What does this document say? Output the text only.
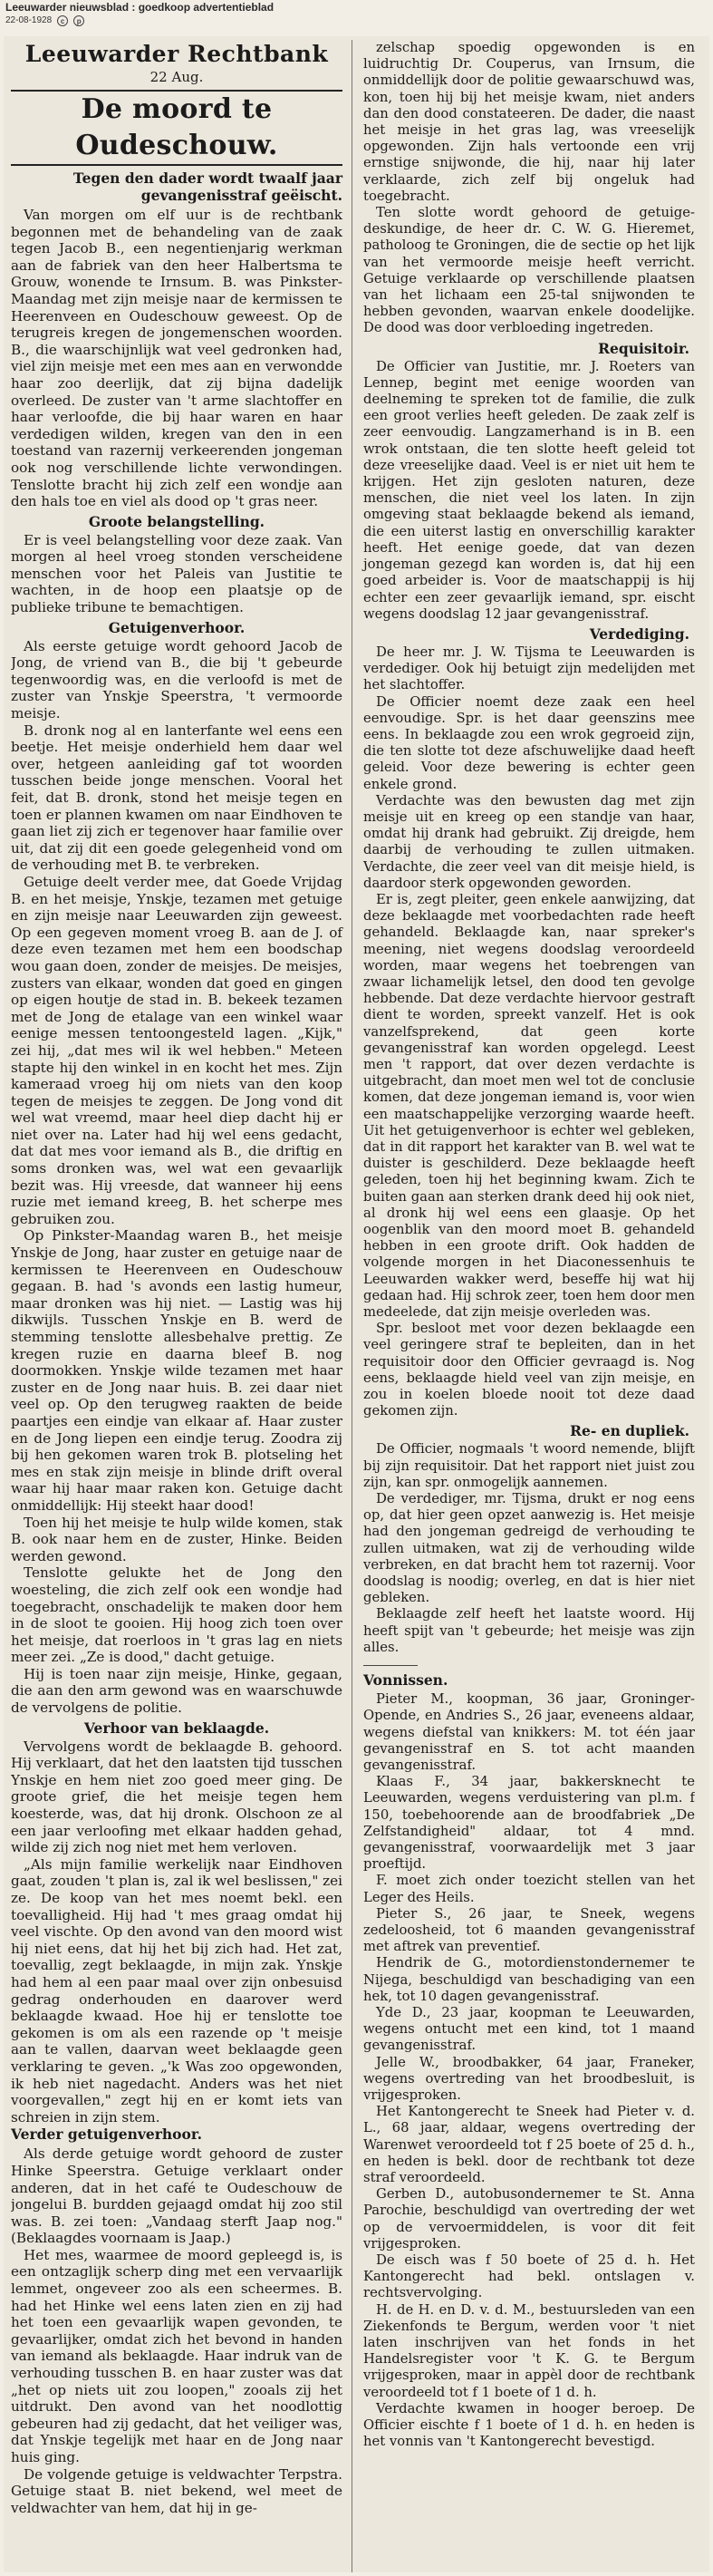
Leeuwarder nieuwsblad : goedkoop advertentieblad
22-08-1928	c	p
Leeuwarder Rechtbank
22 Aug.
De moord te Oudeschouw.
Tegen den dader wordt twaalf jaar gevangenisstraf geëischt.

Van morgen om elf uur is de rechtbank begonnen met de behandeling van de zaak tegen Jacob B., een negentienjarig werkman aan de fabriek van den heer Halbertsma te Grouw, wonende te Irnsum. B. was Pinkster-Maandag met zijn meisje naar de kermissen te Heerenveen en Oudeschouw geweest. Op de terugreis kregen de jongemenschen woorden. B., die waarschijnlijk wat veel gedronken had, viel zijn meisje met een mes aan en verwondde haar zoo deerlijk, dat zij bijna dadelijk overleed. De zuster van 't arme slachtoffer en haar verloofde, die bij haar waren en haar verdedigen wilden, kregen van den in een toestand van razernij verkeerenden jongeman ook nog verschillende lichte verwondingen. Tenslotte bracht hij zich zelf een wondje aan den hals toe en viel als dood op 't gras neer.

Groote belangstelling.

Er is veel belangstelling voor deze zaak. Van morgen al heel vroeg stonden verscheidene menschen voor het Paleis van Justitie te wachten, in de hoop een plaatsje op de publieke tribune te bemachtigen.

Getuigenverhoor.

Als eerste getuige wordt gehoord Jacob de Jong, de vriend van B., die bij 't gebeurde tegenwoordig was, en die verloofd is met de zuster van Ynskje Speerstra, 't vermoorde meisje.

B. dronk nog al en lanterfante wel eens een beetje. Het meisje onderhield hem daar wel over, hetgeen aanleiding gaf tot woorden tusschen beide jonge menschen. Vooral het feit, dat B. dronk, stond het meisje tegen en toen er plannen kwamen om naar Eindhoven te gaan liet zij zich er tegenover haar familie over uit, dat zij dit een goede gelegenheid vond om de verhouding met B. te verbreken.

Getuige deelt verder mee, dat Goede Vrijdag B. en het meisje, Ynskje, tezamen met getuige en zijn meisje naar Leeuwarden zijn geweest. Op een gegeven moment vroeg B. aan de J. of deze even tezamen met hem een boodschap wou gaan doen, zonder de meisjes. De meisjes, zusters van elkaar, wonden dat goed en gingen op eigen houtje de stad in. B. bekeek tezamen met de Jong de etalage van een winkel waar eenige messen tentoongesteld lagen. „Kijk," zei hij, „dat mes wil ik wel hebben." Meteen stapte hij den winkel in en kocht het mes. Zijn kameraad vroeg hij om niets van den koop tegen de meisjes te zeggen. De Jong vond dit wel wat vreemd, maar heel diep dacht hij er niet over na. Later had hij wel eens gedacht, dat dat mes voor iemand als B., die driftig en soms dronken was, wel wat een gevaarlijk bezit was. Hij vreesde, dat wanneer hij eens ruzie met iemand kreeg, B. het scherpe mes gebruiken zou.

Op Pinkster-Maandag waren B., het meisje Ynskje de Jong, haar zuster en getuige naar de kermissen te Heerenveen en Oudeschouw gegaan. B. had 's avonds een lastig humeur, maar dronken was hij niet. — Lastig was hij dikwijls. Tusschen Ynskje en B. werd de stemming tenslotte allesbehalve prettig. Ze kregen ruzie en daarna bleef B. nog doormokken. Ynskje wilde tezamen met haar zuster en de Jong naar huis. B. zei daar niet veel op. Op den terugweg raakten de beide paartjes een eindje van elkaar af. Haar zuster en de Jong liepen een eindje terug. Zoodra zij bij hen gekomen waren trok B. plotseling het mes en stak zijn meisje in blinde drift overal waar hij haar maar raken kon. Getuige dacht onmiddellijk: Hij steekt haar dood!

Toen hij het meisje te hulp wilde komen, stak B. ook naar hem en de zuster, Hinke. Beiden werden gewond.

Tenslotte gelukte het de Jong den woesteling, die zich zelf ook een wondje had toegebracht, onschadelijk te maken door hem in de sloot te gooien. Hij hoog zich toen over het meisje, dat roerloos in 't gras lag en niets meer zei. „Ze is dood," dacht getuige.

Hij is toen naar zijn meisje, Hinke, gegaan, die aan den arm gewond was en waarschuwde de vervolgens de politie.

Verhoor van beklaagde.

Vervolgens wordt de beklaagde B. gehoord. Hij verklaart, dat het den laatsten tijd tusschen Ynskje en hem niet zoo goed meer ging. De groote grief, die het meisje tegen hem koesterde, was, dat hij dronk. Olschoon ze al een jaar verloofing met elkaar hadden gehad, wilde zij zich nog niet met hem verloven.

„Als mijn familie werkelijk naar Eindhoven gaat, zouden 't plan is, zal ik wel beslissen," zei ze. De koop van het mes noemt bekl. een toevalligheid. Hij had 't mes graag omdat hij veel vischte. Op den avond van den moord wist hij niet eens, dat hij het bij zich had. Het zat, toevallig, zegt beklaagde, in mijn zak. Ynskje had hem al een paar maal over zijn onbesuisd gedrag onderhouden en daarover werd beklaagde kwaad. Hoe hij er tenslotte toe gekomen is om als een razende op 't meisje aan te vallen, daarvan weet beklaagde geen verklaring te geven. „'k Was zoo opgewonden, ik heb niet nagedacht. Anders was het niet voorgevallen," zegt hij en er komt iets van schreien in zijn stem.

Verder getuigenverhoor.

Als derde getuige wordt gehoord de zuster Hinke Speerstra. Getuige verklaart onder anderen, dat in het café te Oudeschouw de jongelui B. burdden gejaagd omdat hij zoo stil was. B. zei toen: „Vandaag sterft Jaap nog." (Beklaagdes voornaam is Jaap.)

Het mes, waarmee de moord gepleegd is, is een ontzaglijk scherp ding met een vervaarlijk lemmet, ongeveer zoo als een scheermes. B. had het Hinke wel eens laten zien en zij had het toen een gevaarlijk wapen gevonden, te gevaarlijker, omdat zich het bevond in handen van iemand als beklaagde. Haar indruk van de verhouding tusschen B. en haar zuster was dat „het op niets uit zou loopen," zooals zij het uitdrukt. Den avond van het noodlottig gebeuren had zij gedacht, dat het veiliger was, dat Ynskje tegelijk met haar en de Jong naar huis ging.

De volgende getuige is veldwachter Terpstra. Getuige staat B. niet bekend, wel meet de veldwachter van hem, dat hij in ge-

zelschap spoedig opgewonden is en luidruchtig Dr. Couperus, van Irnsum, die onmiddellijk door de politie gewaarschuwd was, kon, toen hij bij het meisje kwam, niet anders dan den dood constateeren. De dader, die naast het meisje in het gras lag, was vreeselijk opgewonden. Zijn hals vertoonde een vrij ernstige snijwonde, die hij, naar hij later verklaarde, zich zelf bij ongeluk had toegebracht.

Ten slotte wordt gehoord de getuige-deskundige, de heer dr. C. W. G. Hieremet, patholoog te Groningen, die de sectie op het lijk van het vermoorde meisje heeft verricht. Getuige verklaarde op verschillende plaatsen van het lichaam een 25-tal snijwonden te hebben gevonden, waarvan enkele doodelijke. De dood was door verbloeding ingetreden.

Requisitoir.

De Officier van Justitie, mr. J. Roeters van Lennep, begint met eenige woorden van deelneming te spreken tot de familie, die zulk een groot verlies heeft geleden. De zaak zelf is zeer eenvoudig. Langzamerhand is in B. een wrok ontstaan, die ten slotte heeft geleid tot deze vreeselijke daad. Veel is er niet uit hem te krijgen. Het zijn gesloten naturen, deze menschen, die niet veel los laten. In zijn omgeving staat beklaagde bekend als iemand, die een uiterst lastig en onverschillig karakter heeft. Het eenige goede, dat van dezen jongeman gezegd kan worden is, dat hij een goed arbeider is. Voor de maatschappij is hij echter een zeer gevaarlijk iemand, spr. eischt wegens doodslag 12 jaar gevangenisstraf.

Verdediging.

De heer mr. J. W. Tijsma te Leeuwarden is verdediger. Ook hij betuigt zijn medelijden met het slachtoffer.

De Officier noemt deze zaak een heel eenvoudige. Spr. is het daar geenszins mee eens. In beklaagde zou een wrok gegroeid zijn, die ten slotte tot deze afschuwelijke daad heeft geleid. Voor deze bewering is echter geen enkele grond.

Verdachte was den bewusten dag met zijn meisje uit en kreeg op een standje van haar, omdat hij drank had gebruikt. Zij dreigde, hem daarbij de verhouding te zullen uitmaken. Verdachte, die zeer veel van dit meisje hield, is daardoor sterk opgewonden geworden.

Er is, zegt pleiter, geen enkele aanwijzing, dat deze beklaagde met voorbedachten rade heeft gehandeld. Beklaagde kan, naar spreker's meening, niet wegens doodslag veroordeeld worden, maar wegens het toebrengen van zwaar lichamelijk letsel, den dood ten gevolge hebbende. Dat deze verdachte hiervoor gestraft dient te worden, spreekt vanzelf. Het is ook vanzelfsprekend, dat geen korte gevangenisstraf kan worden opgelegd. Leest men 't rapport, dat over dezen verdachte is uitgebracht, dan moet men wel tot de conclusie komen, dat deze jongeman iemand is, voor wien een maatschappelijke verzorging waarde heeft. Uit het getuigenverhoor is echter wel gebleken, dat in dit rapport het karakter van B. wel wat te duister is geschilderd. Deze beklaagde heeft geleden, toen hij het beginning kwam. Zich te buiten gaan aan sterken drank deed hij ook niet, al dronk hij wel eens een glaasje. Op het oogenblik van den moord moet B. gehandeld hebben in een groote drift. Ook hadden de volgende morgen in het Diaconessenhuis te Leeuwarden wakker werd, beseffe hij wat hij gedaan had. Hij schrok zeer, toen hem door men medeelede, dat zijn meisje overleden was.

Spr. besloot met voor dezen beklaagde een veel geringere straf te bepleiten, dan in het requisitoir door den Officier gevraagd is. Nog eens, beklaagde hield veel van zijn meisje, en zou in koelen bloede nooit tot deze daad gekomen zijn.

Re- en dupliek.

De Officier, nogmaals 't woord nemende, blijft bij zijn requisitoir. Dat het rapport niet juist zou zijn, kan spr. onmogelijk aannemen.

De verdediger, mr. Tijsma, drukt er nog eens op, dat hier geen opzet aanwezig is. Het meisje had den jongeman gedreigd de verhouding te zullen uitmaken, wat zij de verhouding wilde verbreken, en dat bracht hem tot razernij. Voor doodslag is noodig; overleg, en dat is hier niet gebleken.

Beklaagde zelf heeft het laatste woord. Hij heeft spijt van 't gebeurde; het meisje was zijn alles.

Vonnissen.

Pieter M., koopman, 36 jaar, Groninger-Opende, en Andries S., 26 jaar, eveneens aldaar, wegens diefstal van knikkers: M. tot één jaar gevangenisstraf en S. tot acht maanden gevangenisstraf.

Klaas F., 34 jaar, bakkersknecht te Leeuwarden, wegens verduistering van pl.m. f 150, toebehoorende aan de broodfabriek „De Zelfstandigheid" aldaar, tot 4 mnd. gevangenisstraf, voorwaardelijk met 3 jaar proeftijd.

F. moet zich onder toezicht stellen van het Leger des Heils.

Pieter S., 26 jaar, te Sneek, wegens zedeloosheid, tot 6 maanden gevangenisstraf met aftrek van preventief.

Hendrik de G., motordienstondernemer te Nijega, beschuldigd van beschadiging van een hek, tot 10 dagen gevangenisstraf.

Yde D., 23 jaar, koopman te Leeuwarden, wegens ontucht met een kind, tot 1 maand gevangenisstraf.

Jelle W., broodbakker, 64 jaar, Franeker, wegens overtreding van het broodbesluit, is vrijgesproken.

Het Kantongerecht te Sneek had Pieter v. d. L., 68 jaar, aldaar, wegens overtreding der Warenwet veroordeeld tot f 25 boete of 25 d. h., en heden is bekl. door de rechtbank tot deze straf veroordeeld.

Gerben D., autobusondernemer te St. Anna Parochie, beschuldigd van overtreding der wet op de vervoermiddelen, is voor dit feit vrijgesproken.

De eisch was f 50 boete of 25 d. h. Het Kantongerecht had bekl. ontslagen v. rechtsvervolging.

H. de H. en D. v. d. M., bestuursleden van een Ziekenfonds te Bergum, werden voor 't niet laten inschrijven van het fonds in het Handelsregister voor 't K. G. te Bergum vrijgesproken, maar in appèl door de rechtbank veroordeeld tot f 1 boete of 1 d. h.

Verdachte kwamen in hooger beroep. De Officier eischte f 1 boete of 1 d. h. en heden is het vonnis van 't Kantongerecht bevestigd.
